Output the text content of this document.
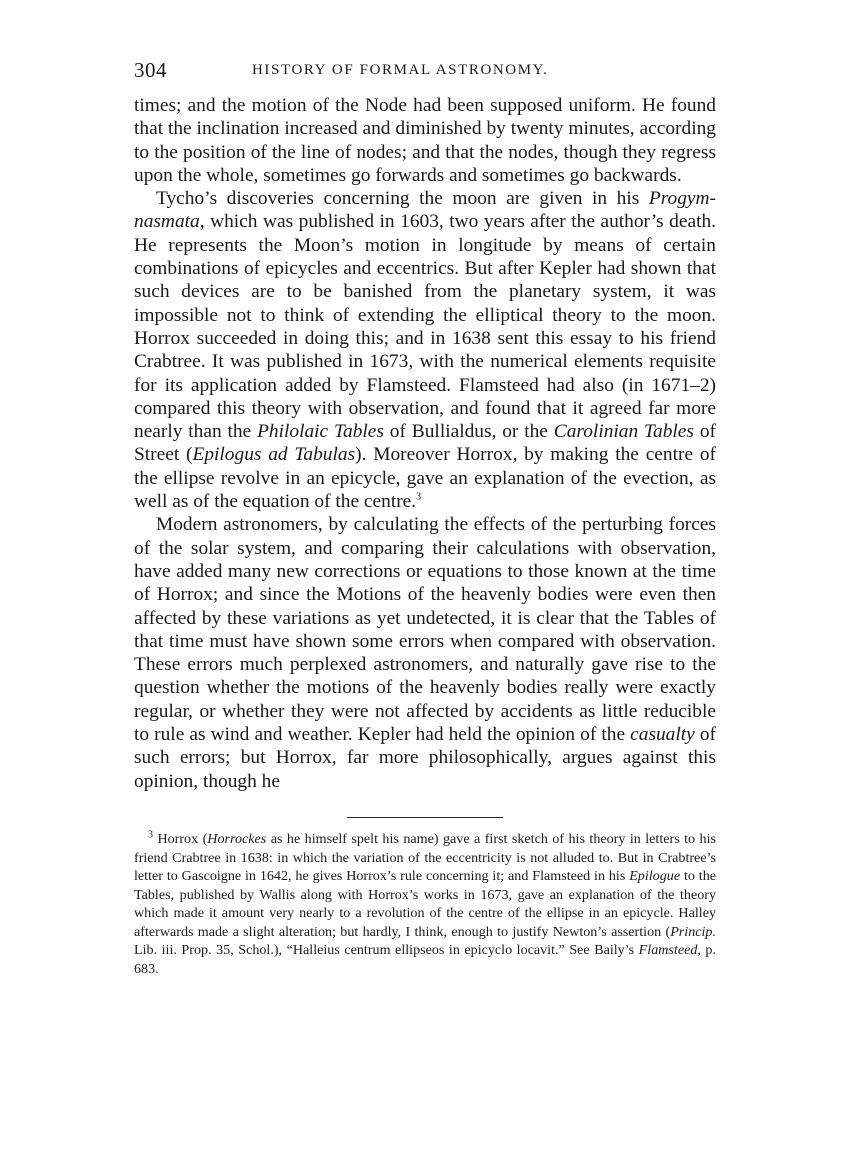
304	HISTORY OF FORMAL ASTRONOMY.

times; and the motion of the Node had been supposed uniform. He found that the inclination increased and diminished by twenty minutes, according to the position of the line of nodes; and that the nodes, though they regress upon the whole, sometimes go forwards and sometimes go backwards.

Tycho’s discoveries concerning the moon are given in his Progymnasmata, which was published in 1603, two years after the author’s death. He represents the Moon’s motion in longitude by means of certain combinations of epicycles and eccentrics. But after Kepler had shown that such devices are to be banished from the planetary system, it was impossible not to think of extending the elliptical theory to the moon. Horrox succeeded in doing this; and in 1638 sent this essay to his friend Crabtree. It was published in 1673, with the numerical elements requisite for its application added by Flamsteed. Flamsteed had also (in 1671–2) compared this theory with observation, and found that it agreed far more nearly than the Philolaic Tables of Bullialdus, or the Carolinian Tables of Street (Epilogus ad Tabulas). Moreover Horrox, by making the centre of the ellipse revolve in an epicycle, gave an explanation of the evection, as well as of the equation of the centre.$^3$

Modern astronomers, by calculating the effects of the perturbing forces of the solar system, and comparing their calculations with observation, have added many new corrections or equations to those known at the time of Horrox; and since the Motions of the heavenly bodies were even then affected by these variations as yet undetected, it is clear that the Tables of that time must have shown some errors when compared with observation. These errors much perplexed astronomers, and naturally gave rise to the question whether the motions of the heavenly bodies really were exactly regular, or whether they were not affected by accidents as little reducible to rule as wind and weather. Kepler had held the opinion of the casualty of such errors; but Horrox, far more philosophically, argues against this opinion, though he

$^3$ Horrox (Horrockes as he himself spelt his name) gave a first sketch of his theory in letters to his friend Crabtree in 1638: in which the variation of the eccentricity is not alluded to. But in Crabtree’s letter to Gascoigne in 1642, he gives Horrox’s rule concerning it; and Flamsteed in his Epilogue to the Tables, published by Wallis along with Horrox’s works in 1673, gave an explanation of the theory which made it amount very nearly to a revolution of the centre of the ellipse in an epicycle. Halley afterwards made a slight alteration; but hardly, I think, enough to justify Newton’s assertion (Princip. Lib. iii. Prop. 35, Schol.), “Halleius centrum ellipseos in epicyclo locavit.” See Baily’s Flamsteed, p. 683.
